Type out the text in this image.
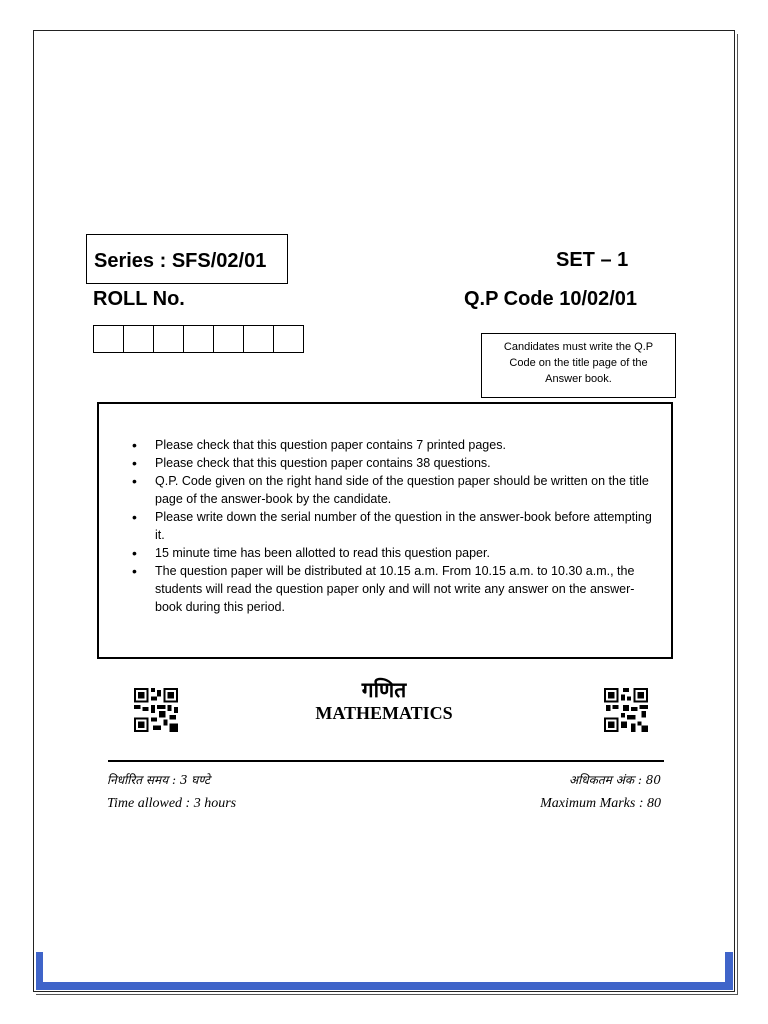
Series : SFS/02/01	SET – 1
ROLL No.	Q.P Code 10/02/01
Candidates must write the Q.P Code on the title page of the Answer book.
• Please check that this question paper contains 7 printed pages.
• Please check that this question paper contains 38 questions.
• Q.P. Code given on the right hand side of the question paper should be written on the title page of the answer-book by the candidate.
• Please write down the serial number of the question in the answer-book before attempting it.
• 15 minute time has been allotted to read this question paper.
• The question paper will be distributed at 10.15 a.m. From 10.15 a.m. to 10.30 a.m., the students will read the question paper only and will not write any answer on the answer-book during this period.
गणित
MATHEMATICS
निर्धारित समय : 3 घण्टे	अधिकतम अंक : 80
Time allowed : 3 hours	Maximum Marks : 80
